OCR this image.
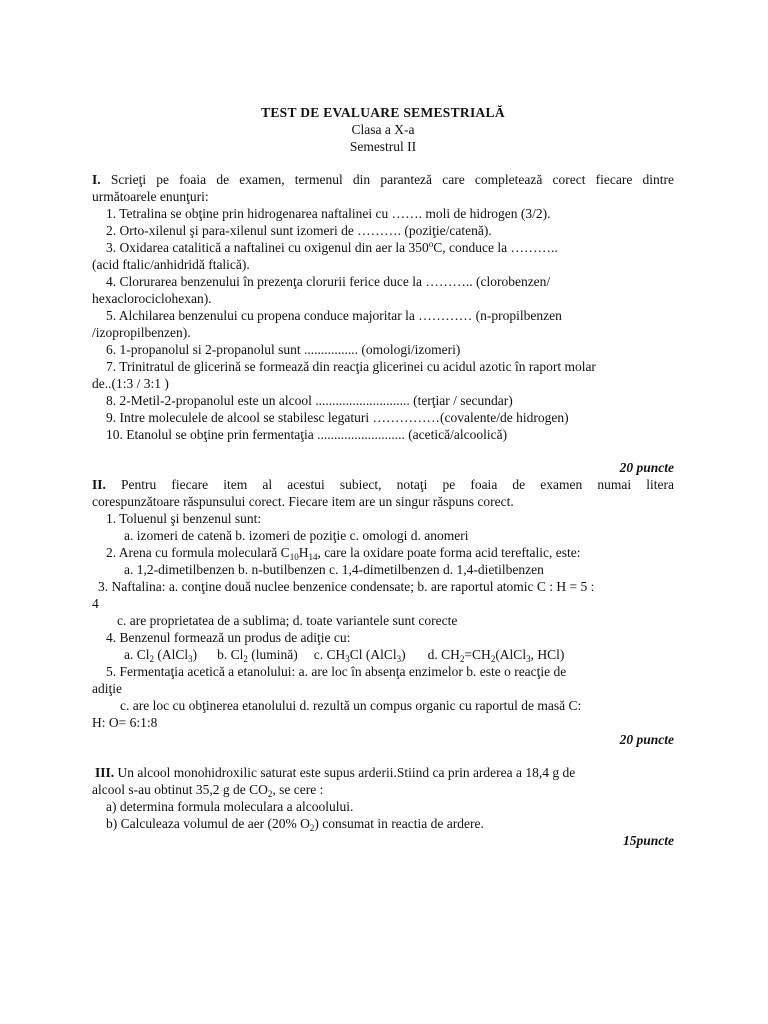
TEST DE EVALUARE SEMESTRIALĂ
Clasa a X-a
Semestrul II
I. Scrieţi pe foaia de examen, termenul din paranteză care completează corect fiecare dintre
următoarele enunţuri:
1. Tetralina se obţine prin hidrogenarea naftalinei cu ……. moli de hidrogen (3/2).
2. Orto-xilenul şi para-xilenul sunt izomeri de ………. (poziţie/catenă).
3. Oxidarea catalitică a naftalinei cu oxigenul din aer la 350$^o$C, conduce la ………..
(acid ftalic/anhidridă ftalică).
4. Clorurarea benzenului în prezenţa clorurii ferice duce la ……….. (clorobenzen/
hexaclorociclohexan).
5. Alchilarea benzenului cu propena conduce majoritar la ………… (n-propilbenzen
/izopropilbenzen).
6. 1-propanolul si 2-propanolul sunt ................ (omologi/izomeri)
7. Trinitratul de glicerină se formează din reacţia glicerinei cu acidul azotic în raport molar
de..(1:3 / 3:1 )
8. 2-Metil-2-propanolul este un alcool ............................ (terţiar / secundar)
9. Intre moleculele de alcool se stabilesc legaturi ……………(covalente/de hidrogen)
10. Etanolul se obţine prin fermentaţia .......................... (acetică/alcoolică)
20 puncte
II. Pentru fiecare item al acestui subiect, notaţi pe foaia de examen numai litera
corespunzătoare răspunsului corect. Fiecare item are un singur răspuns corect.
1. Toluenul şi benzenul sunt:
a. izomeri de catenă b. izomeri de poziţie c. omologi d. anomeri
2. Arena cu formula moleculară $C_{10}H_{14}$, care la oxidare poate forma acid tereftalic, este:
a. 1,2-dimetilbenzen b. n-butilbenzen c. 1,4-dimetilbenzen d. 1,4-dietilbenzen
3. Naftalina: a. conţine două nuclee benzenice condensate; b. are raportul atomic C : H = 5 :
4
c. are proprietatea de a sublima; d. toate variantele sunt corecte
4. Benzenul formează un produs de adiţie cu:
a. $Cl_2$ (AlCl$_3$) b. $Cl_2$ (lumină) c. $CH_3Cl$ (AlCl$_3$) d. $CH_2=CH_2(AlCl_3$, HCl)
5. Fermentaţia acetică a etanolului: a. are loc în absenţa enzimelor b. este o reacţie de
adiţie
c. are loc cu obţinerea etanolului d. rezultă un compus organic cu raportul de masă C:
H: O= 6:1:8
20 puncte
III. Un alcool monohidroxilic saturat este supus arderii.Stiind ca prin arderea a 18,4 g de
alcool s-au obtinut 35,2 g de $CO_2$, se cere :
a) determina formula moleculara a alcoolului.
b) Calculeaza volumul de aer (20% $O_2$) consumat in reactia de ardere.
15puncte
